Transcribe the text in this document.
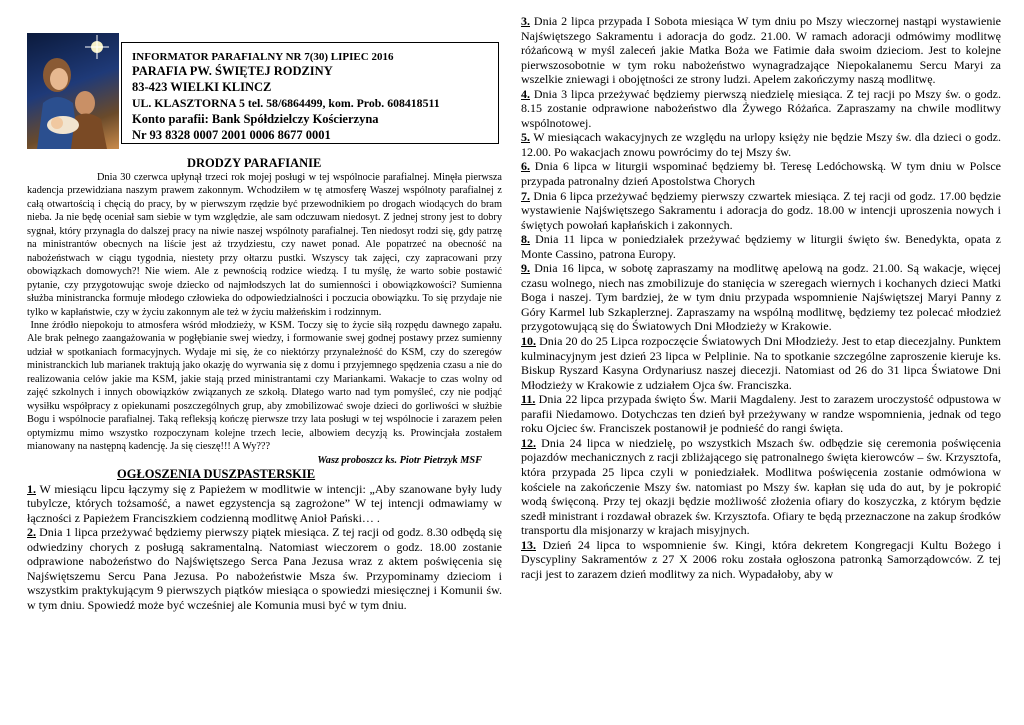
INFORMATOR PARAFIALNY NR 7(30) LIPIEC 2016
PARAFIA PW. ŚWIĘTEJ RODZINY
83-423 WIELKI KLINCZ
UL. KLASZTORNA 5 tel. 58/6864499, kom. Prob. 608418511
Konto parafii: Bank Spółdzielczy Kościerzyna
Nr 93 8328 0007 2001 0006 8677 0001
DRODZY PARAFIANIE

Dnia 30 czerwca upłynął trzeci rok mojej posługi w tej wspólnocie parafialnej. Minęła pierwsza kadencja przewidziana naszym prawem zakonnym. Wchodziłem w tę atmosferę Waszej wspólnoty parafialnej z całą otwartością i chęcią do pracy, by w pierwszym rzędzie być przewodnikiem po drogach wiodących do bram nieba. Ja nie będę oceniał sam siebie w tym względzie, ale sam odczuwam niedosyt. Z jednej strony jest to dobry sygnał, który przynagla do dalszej pracy na niwie naszej wspólnoty parafialnej. Ten niedosyt rodzi się, gdy patrzę na ministrantów obecnych na liście jest aż trzydziestu, czy nawet ponad. Ale popatrzeć na obecność na nabożeństwach w ciągu tygodnia, niestety przy ołtarzu pustki. Wszyscy tak zajęci, czy zapracowani przy obowiązkach domowych?! Nie wiem. Ale z pewnością rodzice wiedzą. I tu myślę, że warto sobie postawić pytanie, czy przygotowując swoje dziecko od najmłodszych lat do sumienności i obowiązkowości? Sumienna służba ministrancka formuje młodego człowieka do odpowiedzialności i poczucia obowiązku. To się przydaje nie tylko w kapłaństwie, czy w życiu zakonnym ale też w życiu małżeńskim i rodzinnym.

Inne źródło niepokoju to atmosfera wśród młodzieży, w KSM. Toczy się to życie siłą rozpędu dawnego zapału. Ale brak pełnego zaangażowania w pogłębianie swej wiedzy, i formowanie swej godnej postawy przez sumienny udział w spotkaniach formacyjnych. Wydaje mi się, że co niektórzy przynależność do KSM, czy do szeregów ministranckich lub marianek traktują jako okazję do wyrwania się z domu i przyjemnego spędzenia czasu a nie do realizowania celów jakie ma KSM, jakie stają przed ministrantami czy Mariankami. Wakacje to czas wolny od zajęć szkolnych i innych obowiązków związanych ze szkołą. Dlatego warto nad tym pomyśleć, czy nie podjąć wysiłku współpracy z opiekunami poszczególnych grup, aby zmobilizować swoje dzieci do gorliwości w służbie Bogu i wspólnocie parafialnej. Taką refleksją kończę pierwsze trzy lata posługi w tej wspólnocie i zarazem pełen optymizmu mimo wszystko rozpoczynam kolejne trzech lecie, albowiem decyzją ks. Prowincjała zostałem mianowany na następną kadencję. Ja się cieszę!!! A Wy???

Wasz proboszcz ks. Piotr Pietrzyk MSF

OGŁOSZENIA DUSZPASTERSKIE

1. W miesiącu lipcu łączymy się z Papieżem w modlitwie w intencji: „Aby szanowane były ludy tubylcze, których tożsamość, a nawet egzystencja są zagrożone” W tej intencji odmawiamy w łączności z Papieżem Franciszkiem codzienną modlitwę Anioł Pański… .

2. Dnia 1 lipca przeżywać będziemy pierwszy piątek miesiąca. Z tej racji od godz. 8.30 odbędą się odwiedziny chorych z posługą sakramentalną. Natomiast wieczorem o godz. 18.00 zostanie odprawione nabożeństwo do Najświętszego Serca Pana Jezusa wraz z aktem poświęcenia się Najświętszemu Sercu Pana Jezusa. Po nabożeństwie Msza św. Przypominamy dzieciom i wszystkim praktykującym 9 pierwszych piątków miesiąca o spowiedzi miesięcznej i Komunii św. w tym dniu. Spowiedź może być wcześniej ale Komunia musi być w tym dniu.

3. Dnia 2 lipca przypada I Sobota miesiąca W tym dniu po Mszy wieczornej nastąpi wystawienie Najświętszego Sakramentu i adoracja do godz. 21.00. W ramach adoracji odmówimy modlitwę różańcową w myśl zaleceń jakie Matka Boża we Fatimie dała swoim dzieciom. Jest to kolejne pierwszosobotnie w tym roku nabożeństwo wynagradzające Niepokalanemu Sercu Maryi za wszelkie zniewagi i obojętności ze strony ludzi. Apelem zakończymy naszą modlitwę.

4. Dnia 3 lipca przeżywać będziemy pierwszą niedzielę miesiąca. Z tej racji po Mszy św. o godz. 8.15 zostanie odprawione nabożeństwo dla Żywego Różańca. Zapraszamy na chwile modlitwy wspólnotowej.

5. W miesiącach wakacyjnych ze względu na urlopy księży nie będzie Mszy św. dla dzieci o godz. 12.00. Po wakacjach znowu powrócimy do tej Mszy św.

6. Dnia 6 lipca w liturgii wspominać będziemy bł. Teresę Ledóchowską. W tym dniu w Polsce przypada patronalny dzień Apostolstwa Chorych

7. Dnia 6 lipca przeżywać będziemy pierwszy czwartek miesiąca. Z tej racji od godz. 17.00 będzie wystawienie Najświętszego Sakramentu i adoracja do godz. 18.00 w intencji uproszenia nowych i świętych powołań kapłańskich i zakonnych.

8. Dnia 11 lipca w poniedziałek przeżywać będziemy w liturgii święto św. Benedykta, opata z Monte Cassino, patrona Europy.

9. Dnia 16 lipca, w sobotę zapraszamy na modlitwę apelową na godz. 21.00. Są wakacje, więcej czasu wolnego, niech nas zmobilizuje do stanięcia w szeregach wiernych i kochanych dzieci Matki Boga i naszej. Tym bardziej, że w tym dniu przypada wspomnienie Najświętszej Maryi Panny z Góry Karmel lub Szkaplerznej. Zapraszamy na wspólną modlitwę, będziemy tez polecać młodzież przygotowującą się do Światowych Dni Młodzieży w Krakowie.

10. Dnia 20 do 25 Lipca rozpoczęcie Światowych Dni Młodzieży. Jest to etap diecezjalny. Punktem kulminacyjnym jest dzień 23 lipca w Pelplinie. Na to spotkanie szczególne zaproszenie kieruje ks. Biskup Ryszard Kasyna Ordynariusz naszej diecezji. Natomiast od 26 do 31 lipca Światowe Dni Młodzieży w Krakowie z udziałem Ojca św. Franciszka.

11. Dnia 22 lipca przypada święto Św. Marii Magdaleny. Jest to zarazem uroczystość odpustowa w parafii Niedamowo. Dotychczas ten dzień był przeżywany w randze wspomnienia, jednak od tego roku Ojciec św. Franciszek postanowił je podnieść do rangi święta.

12. Dnia 24 lipca w niedzielę, po wszystkich Mszach św. odbędzie się ceremonia poświęcenia pojazdów mechanicznych z racji zbliżającego się patronalnego święta kierowców – św. Krzysztofa, która przypada 25 lipca czyli w poniedziałek. Modlitwa poświęcenia zostanie odmówiona w kościele na zakończenie Mszy św. natomiast po Mszy św. kapłan się uda do aut, by je pokropić wodą święconą. Przy tej okazji będzie możliwość złożenia ofiary do koszyczka, z którym będzie szedł ministrant i rozdawał obrazek św. Krzysztofa. Ofiary te będą przeznaczone na zakup środków transportu dla misjonarzy w krajach misyjnych.

13. Dzień 24 lipca to wspomnienie św. Kingi, która dekretem Kongregacji Kultu Bożego i Dyscypliny Sakramentów z 27 X 2006 roku została ogłoszona patronką Samorządowców. Z tej racji jest to zarazem dzień modlitwy za nich. Wypadałoby, aby w
